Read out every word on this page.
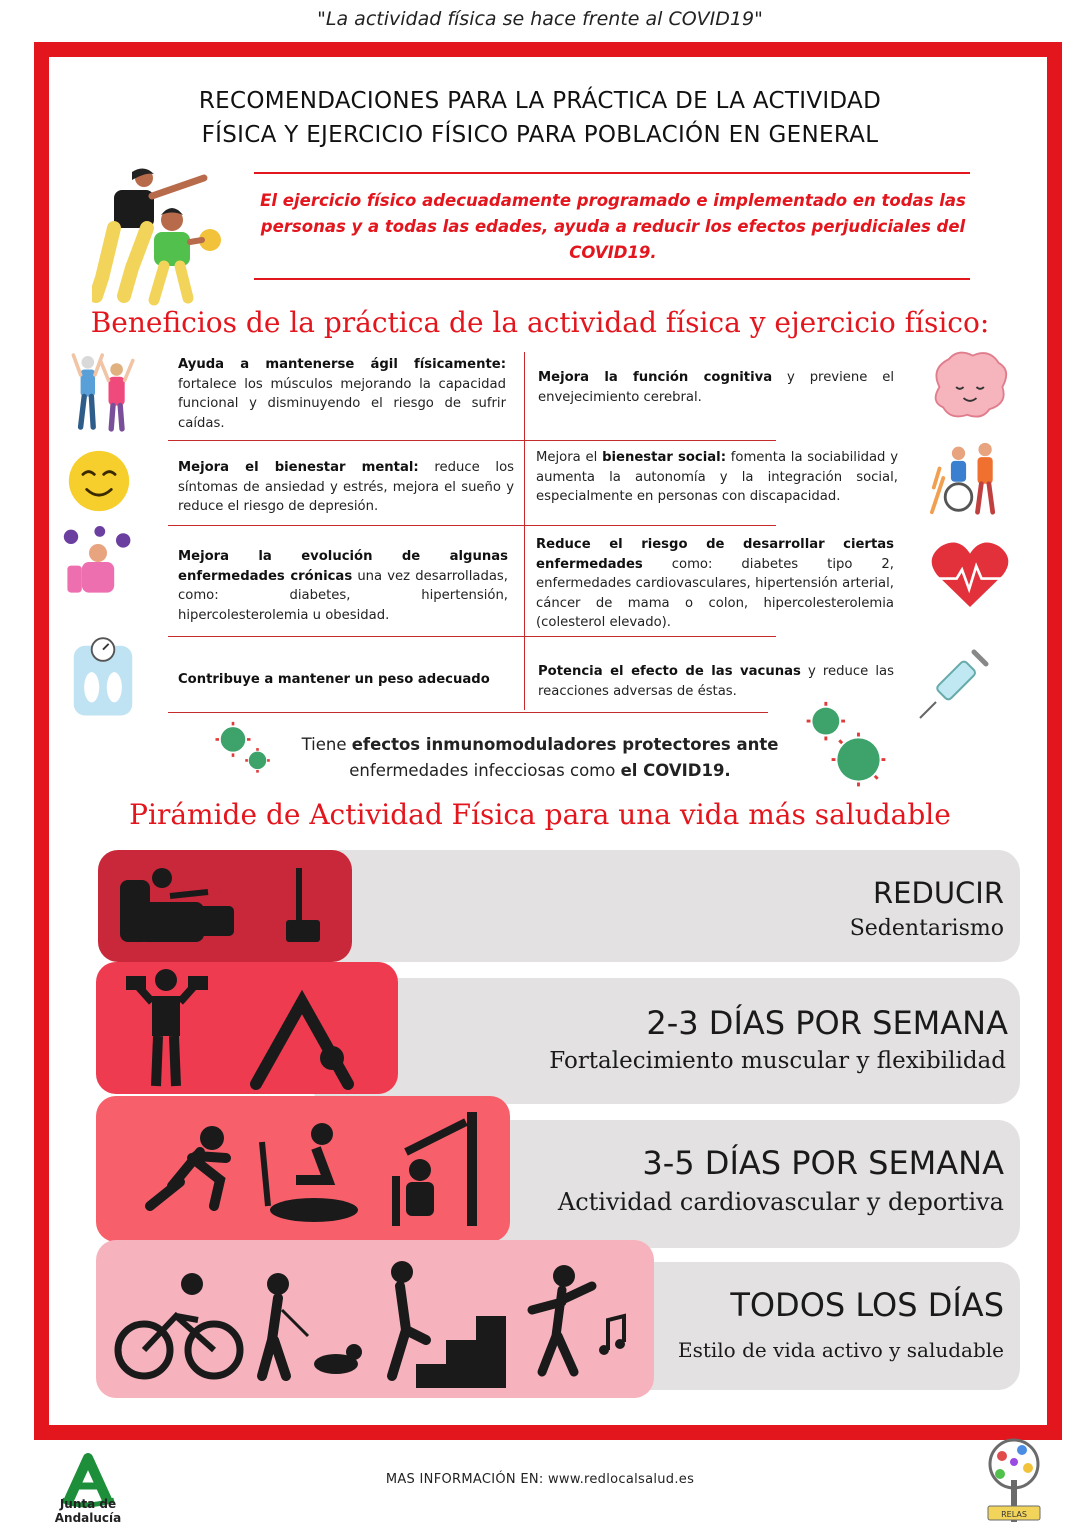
"La actividad física se hace frente al COVID19"
RECOMENDACIONES PARA LA PRÁCTICA DE LA ACTIVIDAD
FÍSICA Y EJERCICIO FÍSICO PARA POBLACIÓN EN GENERAL
El ejercicio físico adecuadamente programado e implementado en todas las personas y a todas las edades, ayuda a reducir los efectos perjudiciales del COVID19.
Beneficios de la práctica de la actividad física y ejercicio físico:
Ayuda a mantenerse ágil físicamente: fortalece los músculos mejorando la capacidad funcional y disminuyendo el riesgo de sufrir caídas.
Mejora el bienestar mental: reduce los síntomas de ansiedad y estrés, mejora el sueño y reduce el riesgo de depresión.
Mejora la evolución de algunas enfermedades crónicas una vez desarrolladas, como: diabetes, hipertensión, hipercolesterolemia u obesidad.
Contribuye a mantener un peso adecuado
Mejora la función cognitiva y previene el envejecimiento cerebral.
Mejora el bienestar social: fomenta la sociabilidad y aumenta la autonomía y la integración social, especialmente en personas con discapacidad.
Reduce el riesgo de desarrollar ciertas enfermedades como: diabetes tipo 2, enfermedades cardiovasculares, hipertensión arterial, cáncer de mama o colon, hipercolesterolemia (colesterol elevado).
Potencia el efecto de las vacunas y reduce las reacciones adversas de éstas.
Tiene efectos inmunomoduladores protectores ante
enfermedades infecciosas como el COVID19.
Pirámide de Actividad Física para una vida más saludable
REDUCIR
Sedentarismo
2-3 DÍAS POR SEMANA
Fortalecimiento muscular y flexibilidad
3-5 DÍAS POR SEMANA
Actividad cardiovascular y deportiva
TODOS LOS DÍAS
Estilo de vida activo y saludable
Junta de Andalucía
MAS INFORMACIÓN EN: www.redlocalsalud.es
RELAS
